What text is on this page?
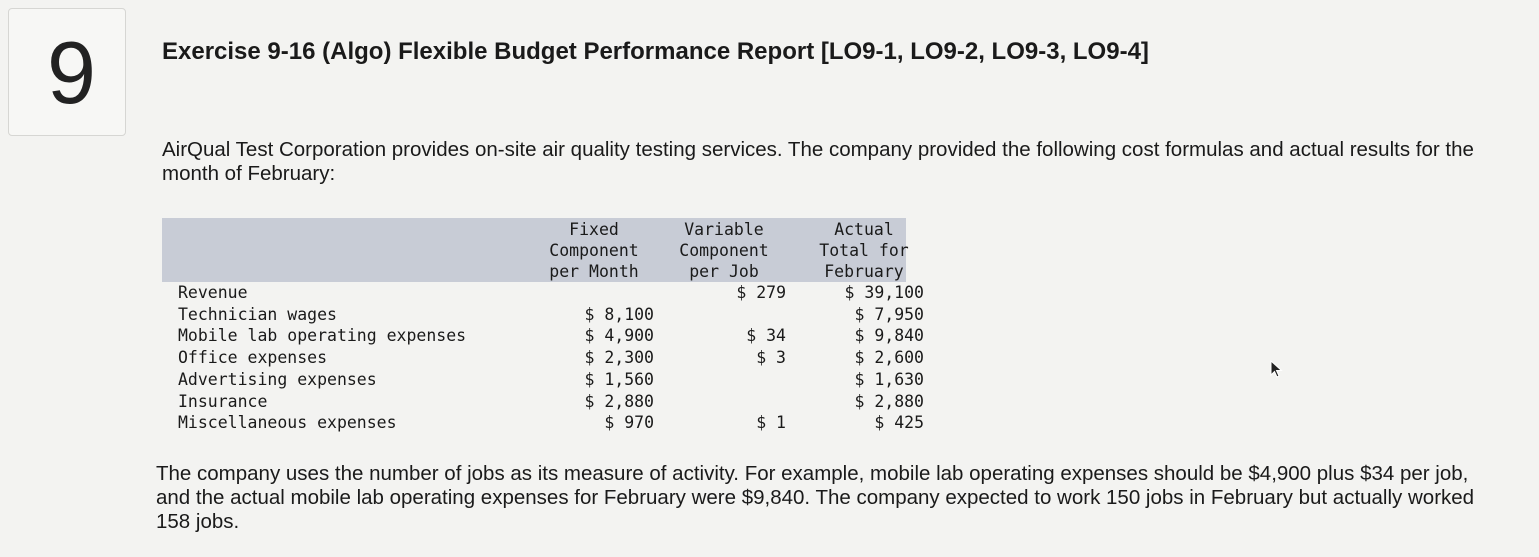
9	Exercise 9-16 (Algo) Flexible Budget Performance Report [LO9-1, LO9-2, LO9-3, LO9-4]
AirQual Test Corporation provides on-site air quality testing services. The company provided the following cost formulas and actual results for the month of February:
	Fixed
Component
per Month	Variable
Component
per Job	Actual
Total for
February
Revenue		$ 279	$ 39,100
Technician wages	$ 8,100		$ 7,950
Mobile lab operating expenses	$ 4,900	$ 34	$ 9,840
Office expenses	$ 2,300	$ 3	$ 2,600
Advertising expenses	$ 1,560		$ 1,630
Insurance	$ 2,880		$ 2,880
Miscellaneous expenses	$ 970	$ 1	$ 425
The company uses the number of jobs as its measure of activity. For example, mobile lab operating expenses should be $4,900 plus $34 per job, and the actual mobile lab operating expenses for February were $9,840. The company expected to work 150 jobs in February but actually worked 158 jobs.
